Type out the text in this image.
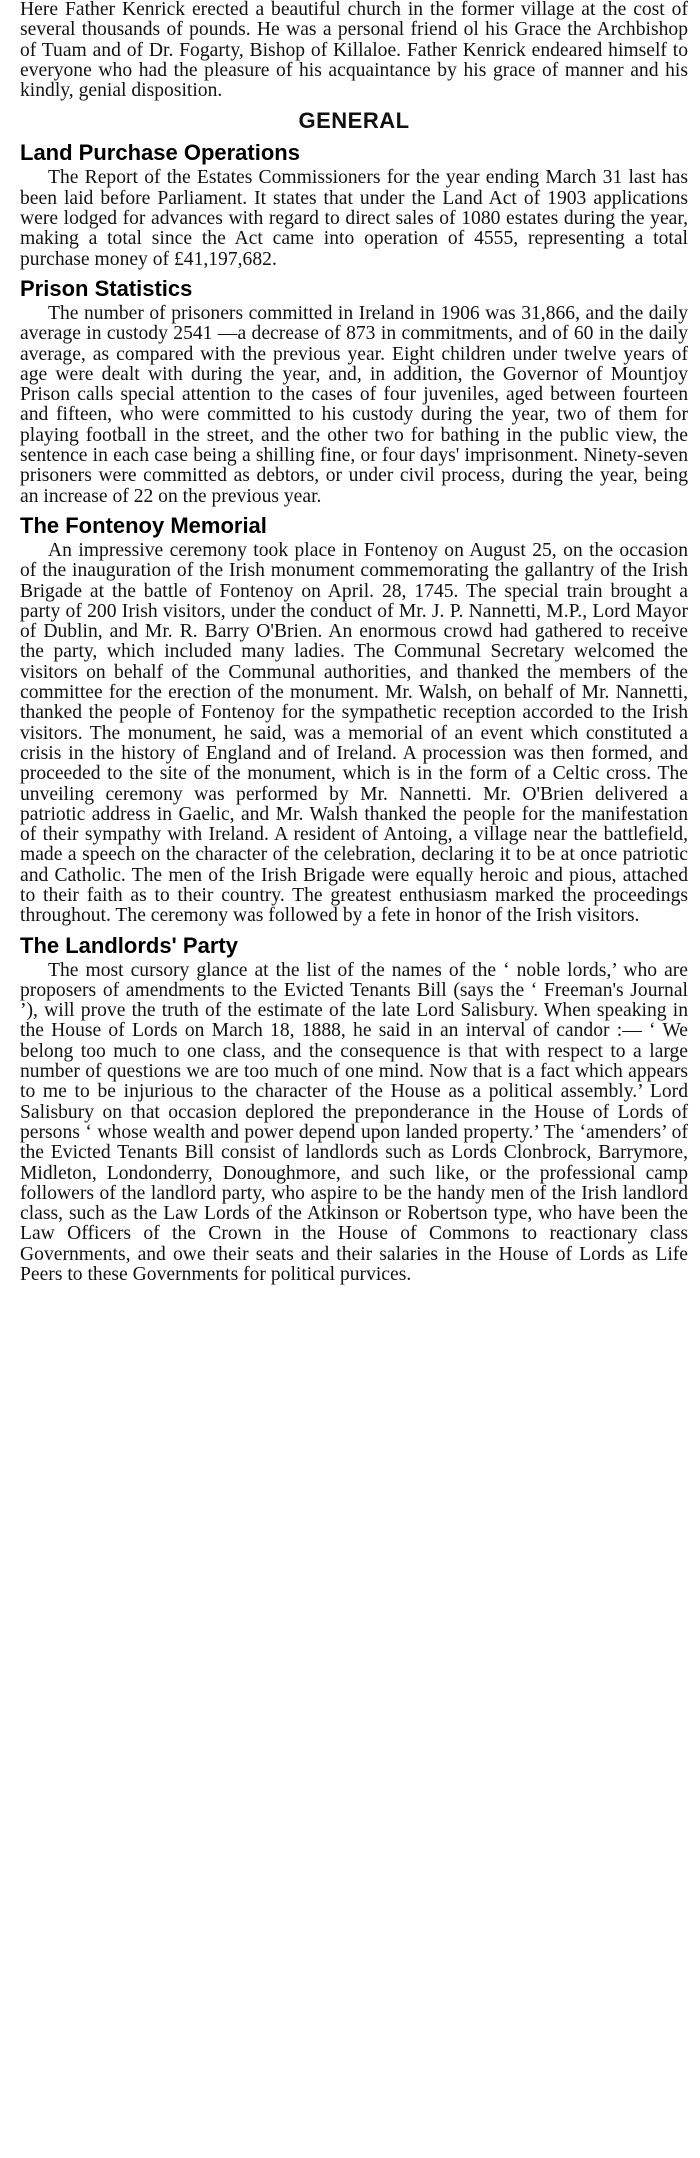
Here Father Kenrick erected a beautiful church in the former village at the cost of several thousands of pounds. He was a personal friend ol his Grace the Archbishop of Tuam and of Dr. Fogarty, Bishop of Killaloe. Father Kenrick endeared himself to everyone who had the pleasure of his acquaintance by his grace of manner and his kindly, genial disposition.

GENERAL
Land Purchase Operations

The Report of the Estates Commissioners for the year ending March 31 last has been laid before Parliament. It states that under the Land Act of 1903 applications were lodged for advances with regard to direct sales of 1080 estates during the year, making a total since the Act came into operation of 4555, representing a total purchase money of £41,197,682.

Prison Statistics

The number of prisoners committed in Ireland in 1906 was 31,866, and the daily average in custody 2541 —a decrease of 873 in commitments, and of 60 in the daily average, as compared with the previous year. Eight children under twelve years of age were dealt with during the year, and, in addition, the Governor of Mountjoy Prison calls special attention to the cases of four juveniles, aged between fourteen and fifteen, who were committed to his custody during the year, two of them for playing football in the street, and the other two for bathing in the public view, the sentence in each case being a shilling fine, or four days' imprisonment. Ninety-seven prisoners were committed as debtors, or under civil process, during the year, being an increase of 22 on the previous year.

The Fontenoy Memorial

An impressive ceremony took place in Fontenoy on August 25, on the occasion of the inauguration of the Irish monument commemorating the gallantry of the Irish Brigade at the battle of Fontenoy on April. 28, 1745. The special train brought a party of 200 Irish visitors, under the conduct of Mr. J. P. Nannetti, M.P., Lord Mayor of Dublin, and Mr. R. Barry O'Brien. An enormous crowd had gathered to receive the party, which included many ladies. The Communal Secretary welcomed the visitors on behalf of the Communal authorities, and thanked the members of the committee for the erection of the monument. Mr. Walsh, on behalf of Mr. Nannetti, thanked the people of Fontenoy for the sympathetic reception accorded to the Irish visitors. The monument, he said, was a memorial of an event which constituted a crisis in the history of England and of Ireland. A procession was then formed, and proceeded to the site of the monument, which is in the form of a Celtic cross. The unveiling ceremony was performed by Mr. Nannetti. Mr. O'Brien delivered a patriotic address in Gaelic, and Mr. Walsh thanked the people for the manifestation of their sympathy with Ireland. A resident of Antoing, a village near the battlefield, made a speech on the character of the celebration, declaring it to be at once patriotic and Catholic. The men of the Irish Brigade were equally heroic and pious, attached to their faith as to their country. The greatest enthusiasm marked the proceedings throughout. The ceremony was followed by a fete in honor of the Irish visitors.

The Landlords' Party

The most cursory glance at the list of the names of the ‘ noble lords,’ who are proposers of amendments to the Evicted Tenants Bill (says the ‘ Freeman's Journal ’), will prove the truth of the estimate of the late Lord Salisbury. When speaking in the House of Lords on March 18, 1888, he said in an interval of candor :— ‘ We belong too much to one class, and the consequence is that with respect to a large number of questions we are too much of one mind. Now that is a fact which appears to me to be injurious to the character of the House as a political assembly.’ Lord Salisbury on that occasion deplored the preponderance in the House of Lords of persons ‘ whose wealth and power depend upon landed property.’ The ‘amenders’ of the Evicted Tenants Bill consist of landlords such as Lords Clonbrock, Barrymore, Midleton, Londonderry, Donoughmore, and such like, or the professional camp followers of the landlord party, who aspire to be the handy men of the Irish landlord class, such as the Law Lords of the Atkinson or Robertson type, who have been the Law Officers of the Crown in the House of Commons to reactionary class Governments, and owe their seats and their salaries in the House of Lords as Life Peers to these Governments for political purvices.
